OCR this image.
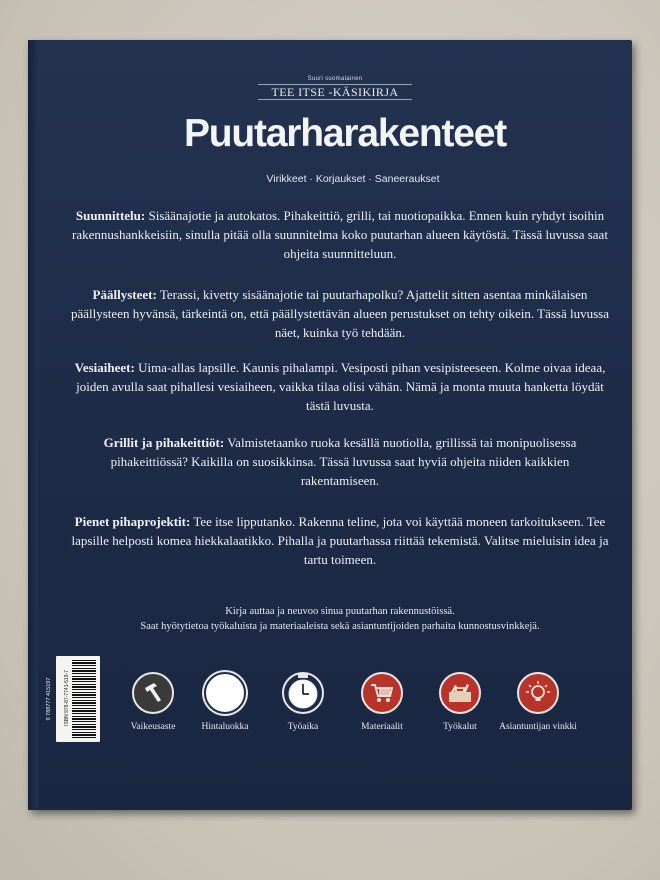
Suuri suomalainen
TEE ITSE -KÄSIKIRJA
Puutarharakenteet
Virikkeet · Korjaukset · Saneeraukset
Suunnittelu: Sisäänajotie ja autokatos. Pihakeittiö, grilli, tai nuotiopaikka. Ennen kuin ryhdyt isoihin rakennushankkeisiin, sinulla pitää olla suunnitelma koko puutarhan alueen käytöstä. Tässä luvussa saat ohjeita suunnitteluun.
Päällysteet: Terassi, kivetty sisäänajotie tai puutarhapolku? Ajattelit sitten asentaa minkälaisen päällysteen hyvänsä, tärkeintä on, että päällystettävän alueen perustukset on tehty oikein. Tässä luvussa näet, kuinka työ tehdään.
Vesiaiheet: Uima-allas lapsille. Kaunis pihalampi. Vesiposti pihan vesipisteeseen. Kolme oivaa ideaa, joiden avulla saat pihallesi vesiaiheen, vaikka tilaa olisi vähän. Nämä ja monta muuta hanketta löydät tästä luvusta.
Grillit ja pihakeittiöt: Valmistetaanko ruoka kesällä nuotiolla, grillissä tai monipuolisessa pihakeittiössä? Kaikilla on suosikkinsa. Tässä luvussa saat hyviä ohjeita niiden kaikkien rakentamiseen.
Pienet pihaprojektit: Tee itse lipputanko. Rakenna teline, jota voi käyttää moneen tarkoitukseen. Tee lapsille helposti komea hiekkalaatikko. Pihalla ja puutarhassa riittää tekemistä. Valitse mieluisin idea ja tartu toimeen.
Kirja auttaa ja neuvoo sinua puutarhan rakennustöissä.
Saat hyötytietoa työkaluista ja materiaaleista sekä asiantuntijoiden parhaita kunnostusvinkkejä.
ISBN 978-87-7741-519-7
9 788777 415197
Vaikeusaste	Hintaluokka	Työaika	Materiaalit	Työkalut	Asiantuntijan vinkki
